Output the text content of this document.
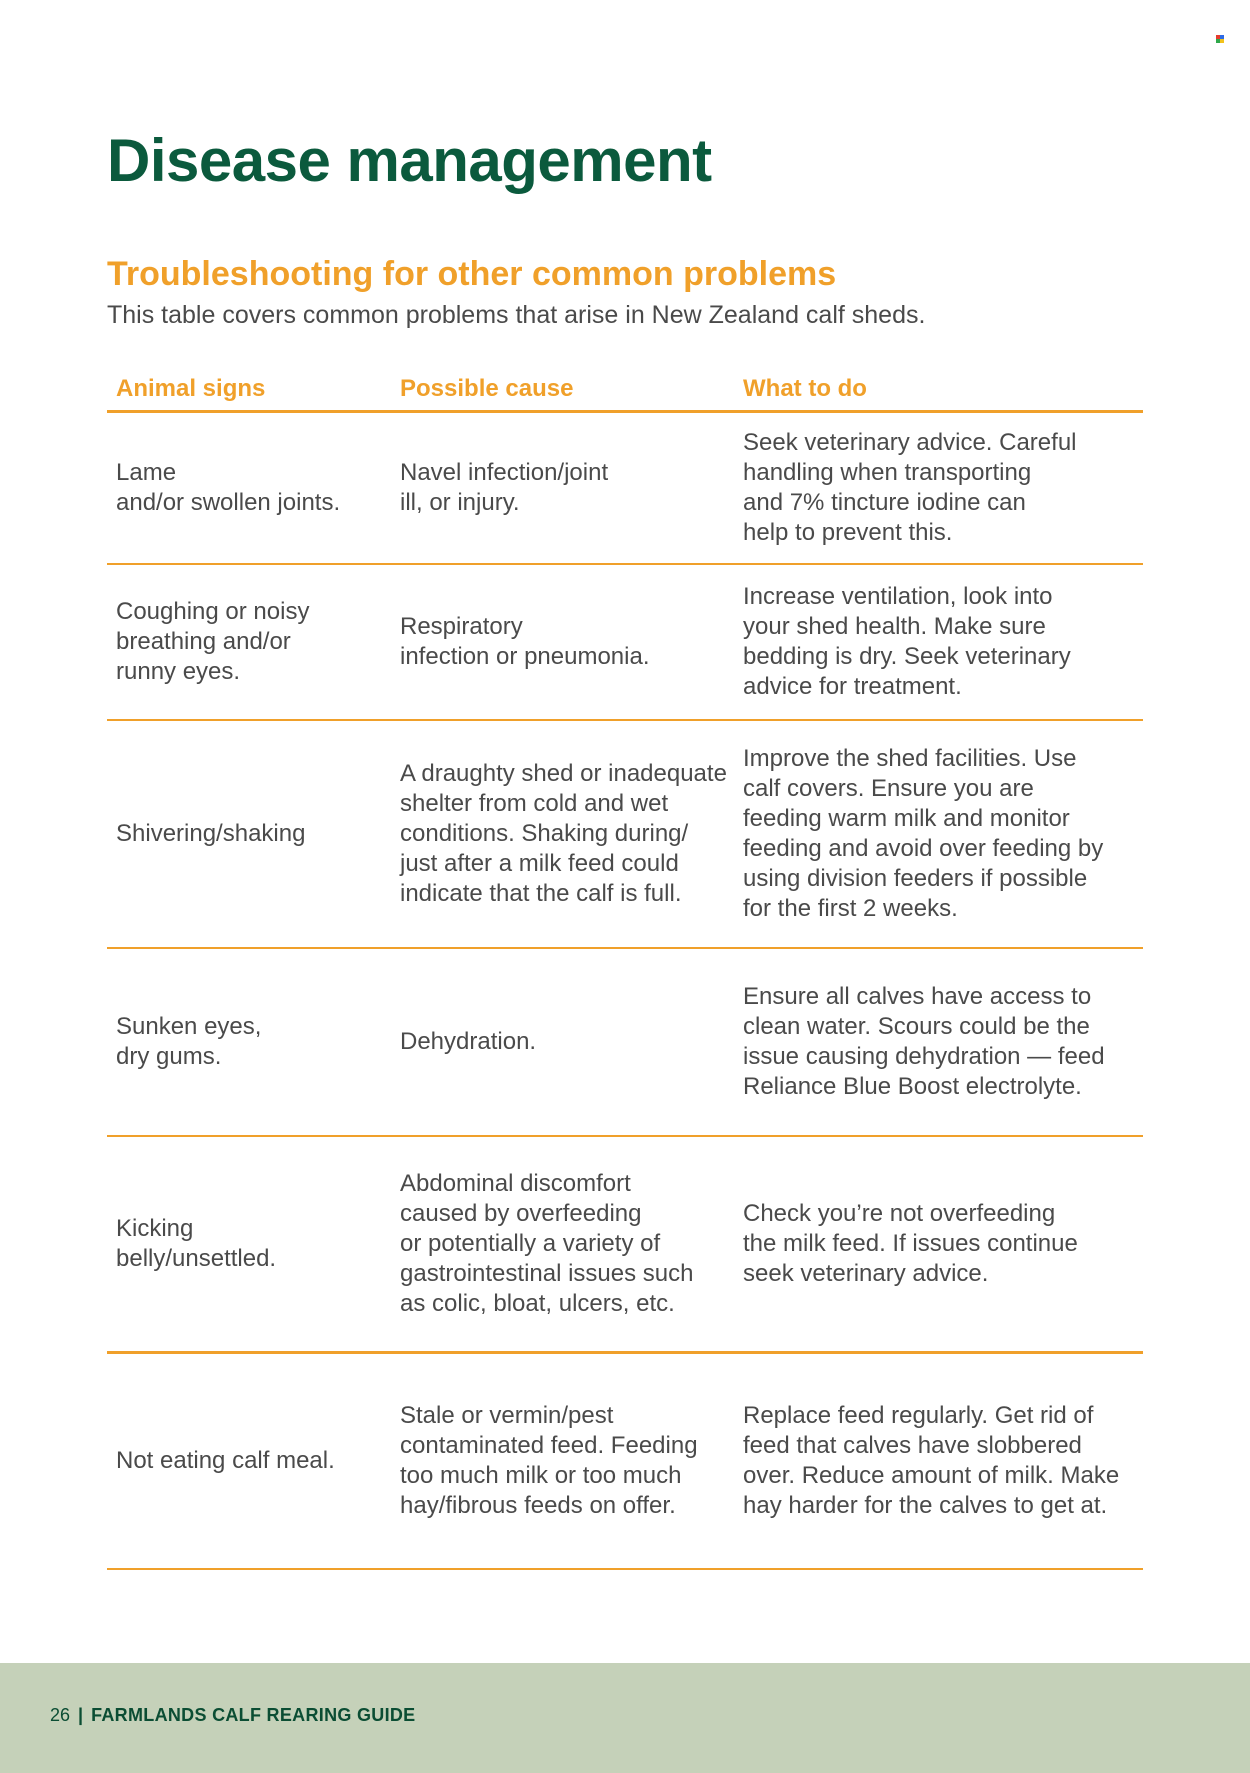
Disease management
Troubleshooting for other common problems

This table covers common problems that arise in New Zealand calf sheds.

Animal signs	Possible cause	What to do
Lame
and/or swollen joints.
Navel infection/joint
ill, or injury.
Seek veterinary advice. Careful
handling when transporting
and 7% tincture iodine can
help to prevent this.
Coughing or noisy
breathing and/or
runny eyes.
Respiratory
infection or pneumonia.
Increase ventilation, look into
your shed health. Make sure
bedding is dry. Seek veterinary
advice for treatment.
Shivering/shaking
A draughty shed or inadequate
shelter from cold and wet
conditions. Shaking during/
just after a milk feed could
indicate that the calf is full.
Improve the shed facilities. Use
calf covers. Ensure you are
feeding warm milk and monitor
feeding and avoid over feeding by
using division feeders if possible
for the first 2 weeks.
Sunken eyes,
dry gums.
Dehydration.
Ensure all calves have access to
clean water. Scours could be the
issue causing dehydration — feed
Reliance Blue Boost electrolyte.
Kicking
belly/unsettled.
Abdominal discomfort
caused by overfeeding
or potentially a variety of
gastrointestinal issues such
as colic, bloat, ulcers, etc.
Check you’re not overfeeding
the milk feed. If issues continue
seek veterinary advice.
Not eating calf meal.
Stale or vermin/pest
contaminated feed. Feeding
too much milk or too much
hay/fibrous feeds on offer.
Replace feed regularly. Get rid of
feed that calves have slobbered
over. Reduce amount of milk. Make
hay harder for the calves to get at.
26 | FARMLANDS CALF REARING GUIDE
